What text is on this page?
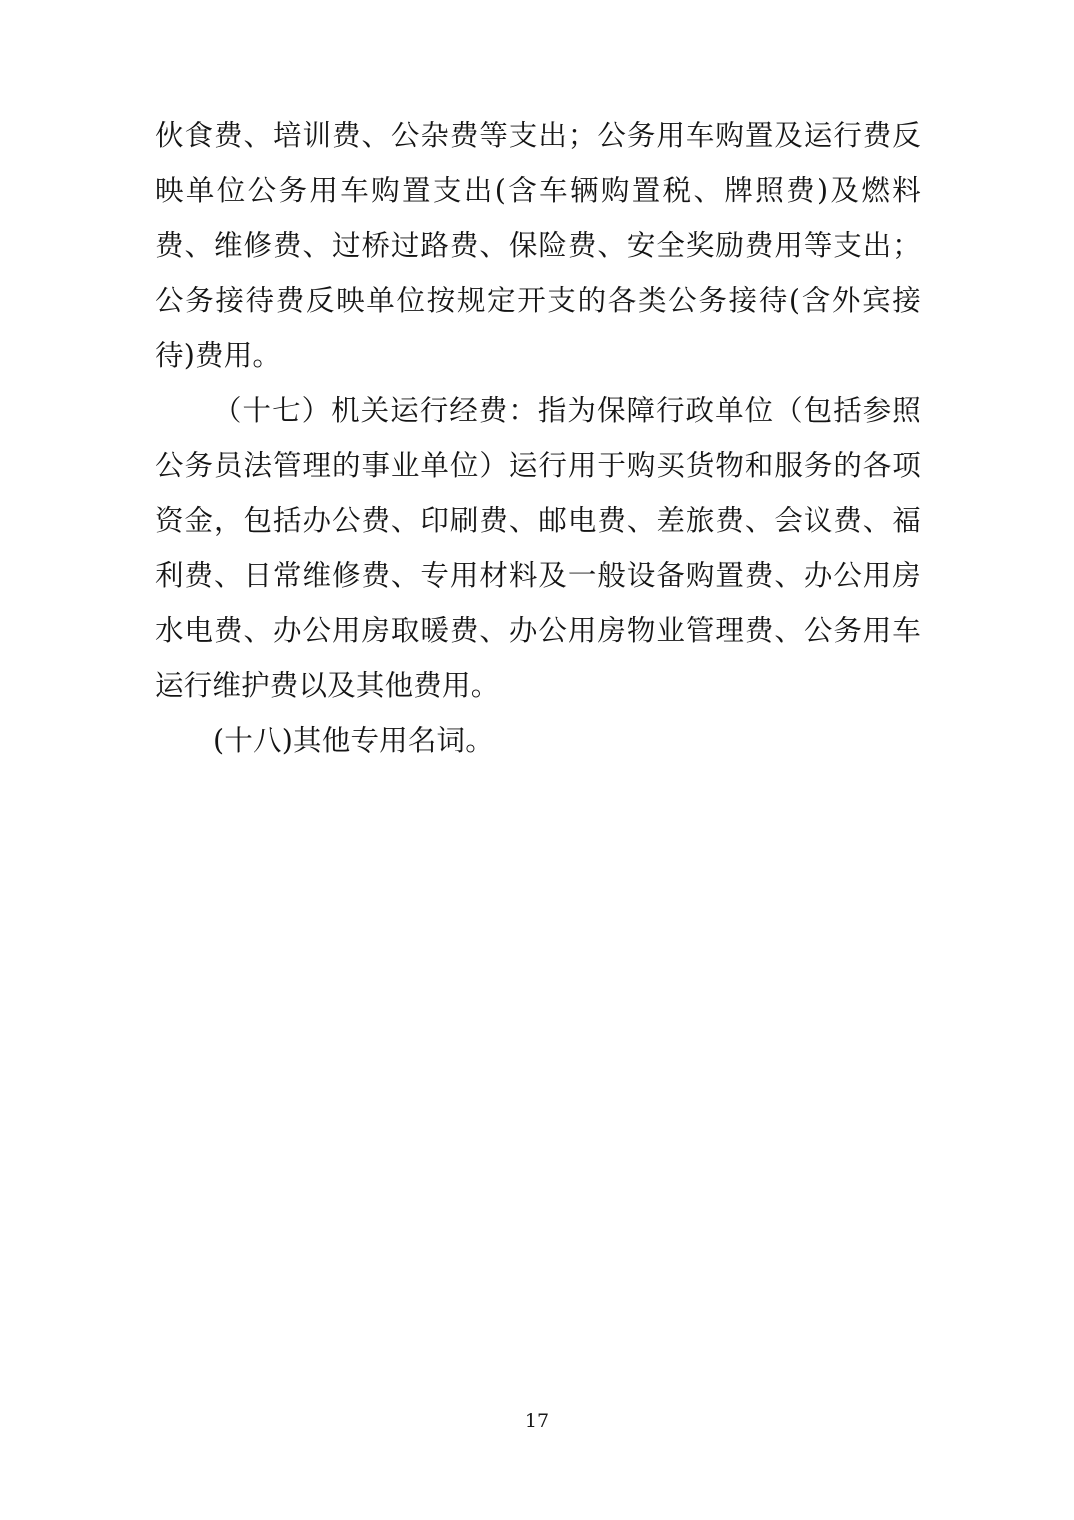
伙食费、培训费、公杂费等支出；公务用车购置及运行费反映单位公务用车购置支出(含车辆购置税、牌照费)及燃料费、维修费、过桥过路费、保险费、安全奖励费用等支出；公务接待费反映单位按规定开支的各类公务接待(含外宾接待)费用。

（十七）机关运行经费：指为保障行政单位（包括参照公务员法管理的事业单位）运行用于购买货物和服务的各项资金，包括办公费、印刷费、邮电费、差旅费、会议费、福利费、日常维修费、专用材料及一般设备购置费、办公用房水电费、办公用房取暖费、办公用房物业管理费、公务用车运行维护费以及其他费用。

(十八)其他专用名词。

17
